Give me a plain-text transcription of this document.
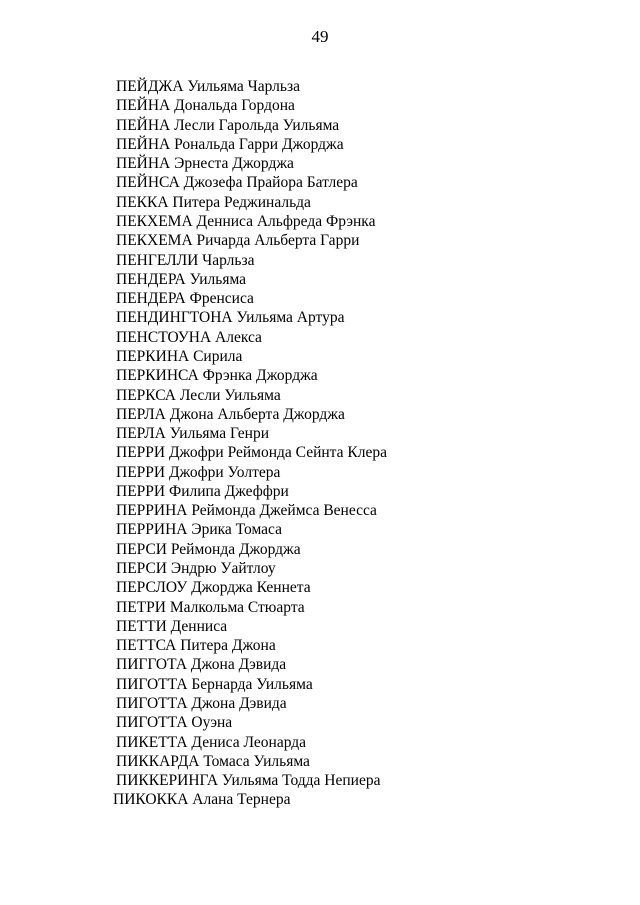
49
ПЕЙДЖА Уильяма Чарльза
ПЕЙНА Дональда Гордона
ПЕЙНА Лесли Гарольда Уильяма
ПЕЙНА Рональда Гарри Джорджа
ПЕЙНА Эрнеста Джорджа
ПЕЙНСА Джозефа Прайора Батлера
ПЕККА Питера Реджинальда
ПЕКХЕМА Денниса Альфреда Фрэнка
ПЕКХЕМА Ричарда Альберта Гарри
ПЕНГЕЛЛИ Чарльза
ПЕНДЕРА Уильяма
ПЕНДЕРА Френсиса
ПЕНДИНГТОНА Уильяма Артура
ПЕНСТОУНА Алекса
ПЕРКИНА Сирила
ПЕРКИНСА Фрэнка Джорджа
ПЕРКСА Лесли Уильяма
ПЕРЛА Джона Альберта Джорджа
ПЕРЛА Уильяма Генри
ПЕРРИ Джофри Реймонда Сейнта Клера
ПЕРРИ Джофри Уолтера
ПЕРРИ Филипа Джеффри
ПЕРРИНА Реймонда Джеймса Венесса
ПЕРРИНА Эрика Томаса
ПЕРСИ Реймонда Джорджа
ПЕРСИ Эндрю Уайтлоу
ПЕРСЛОУ Джорджа Кеннета
ПЕТРИ Малкольма Стюарта
ПЕТТИ Денниса
ПЕТТСА Питера Джона
ПИГГОТА Джона Дэвида
ПИГОТТА Бернарда Уильяма
ПИГОТТА Джона Дэвида
ПИГОТТА Оуэна
ПИКЕТТА Дениса Леонарда
ПИККАРДА Томаса Уильяма
ПИККЕРИНГА Уильяма Тодда Непиера
ПИКОККА Алана Тернера
